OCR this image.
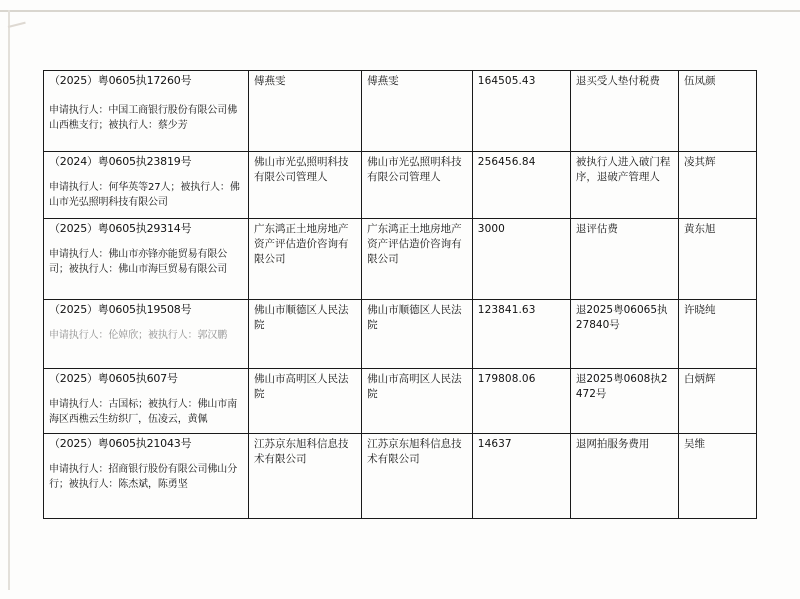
（2025）粤0605执17260号
申请执行人：中国工商银行股份有限公司佛山西樵支行；被执行人：蔡少芳	傅燕雯	傅燕雯	164505.43	退买受人垫付税费	伍凤颜

（2024）粤0605执23819号
申请执行人：何华英等27人；被执行人：佛山市光弘照明科技有限公司	佛山市光弘照明科技有限公司管理人	佛山市光弘照明科技有限公司管理人	256456.84	被执行人进入破门程序，退破产管理人	凌其辉

（2025）粤0605执29314号
申请执行人：佛山市亦锋亦能贸易有限公司；被执行人：佛山市海巨贸易有限公司	广东鸿正土地房地产资产评估造价咨询有限公司	广东鸿正土地房地产资产评估造价咨询有限公司	3000	退评估费	黄东旭

（2025）粤0605执19508号
申请执行人：伦婥欣；被执行人：郭汉鹏	佛山市顺德区人民法院	佛山市顺德区人民法院	123841.63	退2025粤06065执27840号	许晓纯

（2025）粤0605执607号
申请执行人：古国标；被执行人：佛山市南海区西樵云生纺织厂，伍凌云，黄佩	佛山市高明区人民法院	佛山市高明区人民法院	179808.06	退2025粤0608执2472号	白炳辉

（2025）粤0605执21043号
申请执行人：招商银行股份有限公司佛山分行；被执行人：陈杰斌，陈勇坚	江苏京东旭科信息技术有限公司	江苏京东旭科信息技术有限公司	14637	退网拍服务费用	吴维
